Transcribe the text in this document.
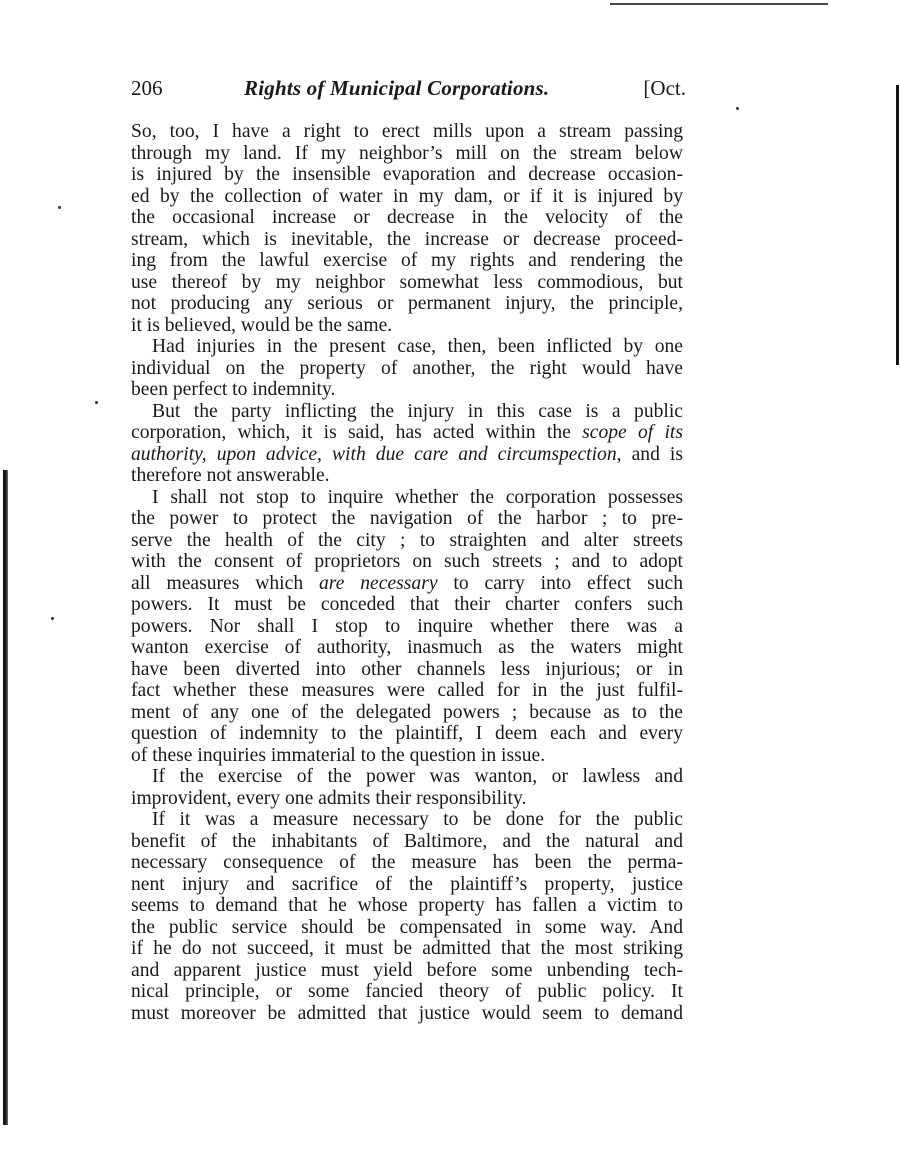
206	Rights of Municipal Corporations.	[Oct.
So, too, I have a right to erect mills upon a stream passing
through my land. If my neighbor’s mill on the stream below
is injured by the insensible evaporation and decrease occasion-
ed by the collection of water in my dam, or if it is injured by
the occasional increase or decrease in the velocity of the
stream, which is inevitable, the increase or decrease proceed-
ing from the lawful exercise of my rights and rendering the
use thereof by my neighbor somewhat less commodious, but
not producing any serious or permanent injury, the principle,
it is believed, would be the same.
Had injuries in the present case, then, been inflicted by one
individual on the property of another, the right would have
been perfect to indemnity.
But the party inflicting the injury in this case is a public
corporation, which, it is said, has acted within the scope of its
authority, upon advice, with due care and circumspection, and is
therefore not answerable.
I shall not stop to inquire whether the corporation possesses
the power to protect the navigation of the harbor ; to pre-
serve the health of the city ; to straighten and alter streets
with the consent of proprietors on such streets ; and to adopt
all measures which are necessary to carry into effect such
powers. It must be conceded that their charter confers such
powers. Nor shall I stop to inquire whether there was a
wanton exercise of authority, inasmuch as the waters might
have been diverted into other channels less injurious; or in
fact whether these measures were called for in the just fulfil-
ment of any one of the delegated powers ; because as to the
question of indemnity to the plaintiff, I deem each and every
of these inquiries immaterial to the question in issue.
If the exercise of the power was wanton, or lawless and
improvident, every one admits their responsibility.
If it was a measure necessary to be done for the public
benefit of the inhabitants of Baltimore, and the natural and
necessary consequence of the measure has been the perma-
nent injury and sacrifice of the plaintiff’s property, justice
seems to demand that he whose property has fallen a victim to
the public service should be compensated in some way. And
if he do not succeed, it must be admitted that the most striking
and apparent justice must yield before some unbending tech-
nical principle, or some fancied theory of public policy. It
must moreover be admitted that justice would seem to demand
